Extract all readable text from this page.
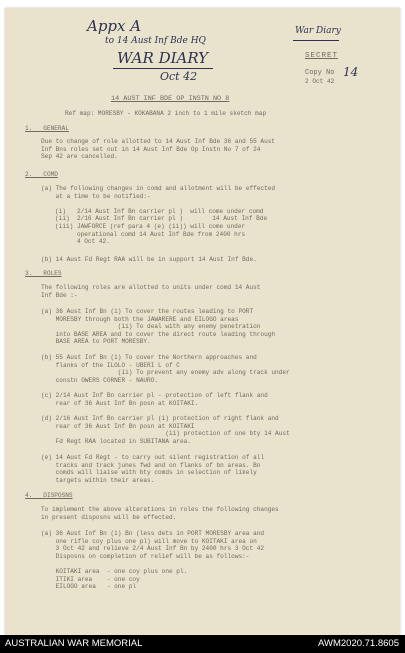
Appx A
to 14 Aust Inf Bde HQ
WAR DIARY
Oct 42
War Diary
SECRET
Copy No 14
2 Oct 42
14 AUST INF BDE OP INSTN NO 8
Ref map: MORESBY - KOKABANA 2 inch to 1 mile sketch map
1.   GENERAL
Due to change of role allotted to 14 Aust Inf Bde 36 and 55 Aust
Inf Bns roles set out in 14 Aust Inf Bde Op Instn No 7 of 24
Sep 42 are cancelled.
2.   COMD
(a) The following changes in comd and allotment will be effected
at a time to be notified:-
(i)   2/14 Aust Inf Bn carrier pl )  will come under comd
(ii)  2/16 Aust Inf Bn carrier pl )        14 Aust Inf Bde
(iii) JAWFORCE (ref para 4 (e) (ii)) will come under
operational comd 14 Aust Inf Bde from 2400 hrs
4 Oct 42.
(b) 14 Aust Fd Regt RAA will be in support 14 Aust Inf Bde.
3.   ROLES
The following roles are allotted to units under comd 14 Aust
Inf Bde :-
(a) 36 Aust Inf Bn (i) To cover the routes leading to PORT
MORESBY through both the JAWARERE and EILOGO areas
(ii) To deal with any enemy penetration
into BASE AREA and to cover the direct route leading through
BASE AREA to PORT MORESBY.
(b) 55 Aust Inf Bn (i) To cover the Northern approaches and
flanks of the ILOLO - UBERI L of C
(ii) To prevent any enemy adv along track under
constn OWERS CORNER - NAURO.
(c) 2/14 Aust Inf Bn carrier pl - protection of left flank and
rear of 36 Aust Inf Bn posn at KOITAKI.
(d) 2/16 Aust Inf Bn carrier pl (i) protection of right flank and
rear of 36 Aust Inf Bn posn at KOITAKI
(ii) protection of one bty 14 Aust
Fd Regt RAA located in SUBITANA area.
(e) 14 Aust Fd Regt - to carry out silent registration of all
tracks and track junes fwd and on flanks of bn areas. Bn
comds will liaise with bty comds in selection of likely
targets within their areas.
4.   DISPOSNS
To implement the above alterations in roles the following changes
in present disposns will be effected.
(a) 36 Aust Inf Bn (i) Bn (less dets in PORT MORESBY area and
one rifle coy plus one pl) will move to KOITAKI area on
3 Oct 42 and relieve 2/4 Aust Inf Bn by 2400 hrs 3 Oct 42
Disposns on completion of relief will be as follows:-
KOITAKI area  - one coy plus one pl.
ITIKI area    - one coy
EILOGO area   - one pl
AUSTRALIAN WAR MEMORIAL	AWM2020.71.8605
